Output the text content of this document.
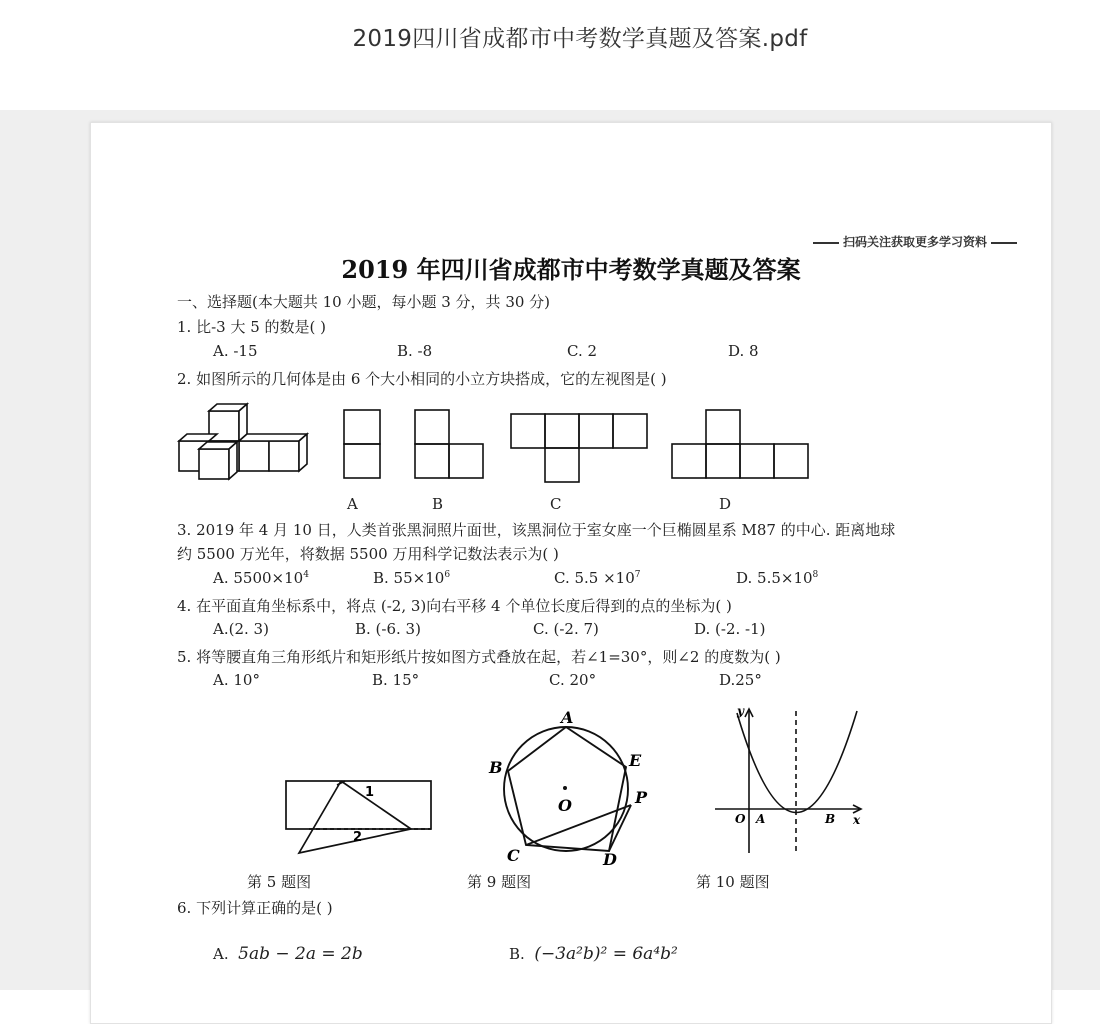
2019四川省成都市中考数学真题及答案.pdf
扫码关注获取更多学习资料
2019 年四川省成都市中考数学真题及答案
一、选择题(本大题共 10 小题，每小题 3 分，共 30 分)
1. 比-3 大 5 的数是( )
A. -15	B. -8	C. 2	D. 8
2. 如图所示的几何体是由 6 个大小相同的小立方块搭成，它的左视图是( )
A	B	C	D
3. 2019 年 4 月 10 日，人类首张黑洞照片面世，该黑洞位于室女座一个巨椭圆星系 M87 的中心. 距离地球
约 5500 万光年，将数据 5500 万用科学记数法表示为( )
A. $5500\times 10^4$	B. $55\times 10^6$	C. $5.5 \times 10^7$	D. $5.5\times 10^8$
4. 在平面直角坐标系中，将点 (-2, 3)向右平移 4 个单位长度后得到的点的坐标为( )
A.(2. 3)	B. (-6. 3)	C. (-2. 7)	D. (-2. -1)
5. 将等腰直角三角形纸片和矩形纸片按如图方式叠放在起，若∠1=30°，则∠2 的度数为( )
A. 10°	B. 15°	C. 20°	D.25°
1
2
A
B	E
O	P
C	D
y
O A	B x
第 5 题图	第 9 题图	第 10 题图
6. 下列计算正确的是( )
A. 5ab − 2a = 2b	B. (−3a²b)² = 6a⁴b²
